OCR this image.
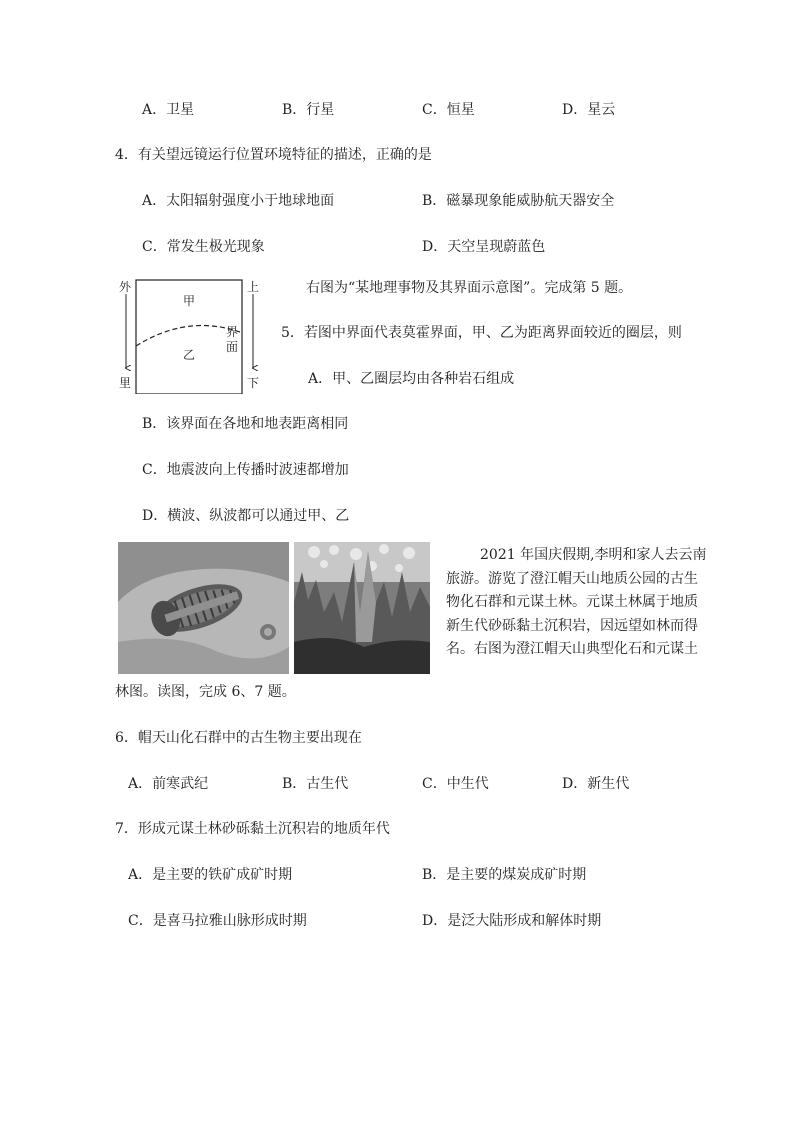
A．卫星	B．行星	C．恒星	D．星云
4．有关望远镜运行位置环境特征的描述，正确的是
A．太阳辐射强度小于地球地面	B．磁暴现象能威胁航天器安全
C．常发生极光现象	D．天空呈现蔚蓝色
外
里
上
下
甲
乙
界
面
右图为“某地理事物及其界面示意图”。完成第 5 题。
5．若图中界面代表莫霍界面，甲、乙为距离界面较近的圈层，则
A．甲、乙圈层均由各种岩石组成
B．该界面在各地和地表距离相同
C．地震波向上传播时波速都增加
D．横波、纵波都可以通过甲、乙
2021 年国庆假期,李明和家人去云南
旅游。游览了澄江帽天山地质公园的古生
物化石群和元谋土林。元谋土林属于地质
新生代砂砾黏土沉积岩，因远望如林而得
名。右图为澄江帽天山典型化石和元谋土
林图。读图，完成 6、7 题。
6．帽天山化石群中的古生物主要出现在
A．前寒武纪	B．古生代	C．中生代	D．新生代
7．形成元谋土林砂砾黏土沉积岩的地质年代
A．是主要的铁矿成矿时期	B．是主要的煤炭成矿时期
C．是喜马拉雅山脉形成时期	D．是泛大陆形成和解体时期
